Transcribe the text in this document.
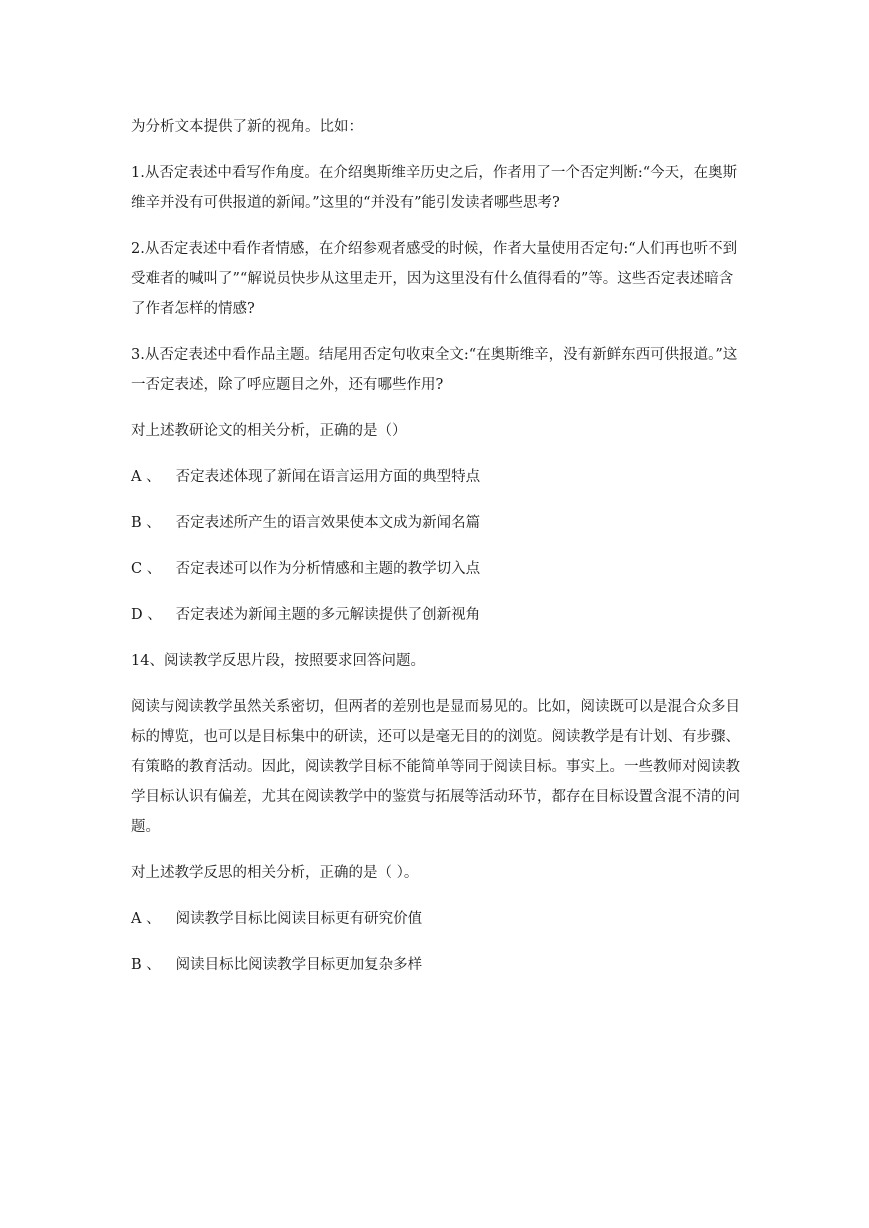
为分析文本提供了新的视角。比如：

1.从否定表述中看写作角度。在介绍奥斯维辛历史之后，作者用了一个否定判断:“今天，在奥斯维辛并没有可供报道的新闻。”这里的“并没有”能引发读者哪些思考?

2.从否定表述中看作者情感，在介绍参观者感受的时候，作者大量使用否定句:“人们再也听不到受难者的喊叫了”“解说员快步从这里走开，因为这里没有什么值得看的”等。这些否定表述暗含了作者怎样的情感?

3.从否定表述中看作品主题。结尾用否定句收束全文:“在奥斯维辛，没有新鲜东西可供报道。”这一否定表述，除了呼应题目之外，还有哪些作用?

对上述教研论文的相关分析，正确的是（）

A 、 否定表述体现了新闻在语言运用方面的典型特点
B 、 否定表述所产生的语言效果使本文成为新闻名篇
C 、 否定表述可以作为分析情感和主题的教学切入点
D 、 否定表述为新闻主题的多元解读提供了创新视角

14、阅读教学反思片段，按照要求回答问题。

阅读与阅读教学虽然关系密切，但两者的差别也是显而易见的。比如，阅读既可以是混合众多目标的博览，也可以是目标集中的研读，还可以是毫无目的的浏览。阅读教学是有计划、有步骤、有策略的教育活动。因此，阅读教学目标不能简单等同于阅读目标。事实上。一些教师对阅读教学目标认识有偏差，尤其在阅读教学中的鉴赏与拓展等活动环节，都存在目标设置含混不清的问题。

对上述教学反思的相关分析，正确的是（ ）。

A 、 阅读教学目标比阅读目标更有研究价值
B 、 阅读目标比阅读教学目标更加复杂多样
